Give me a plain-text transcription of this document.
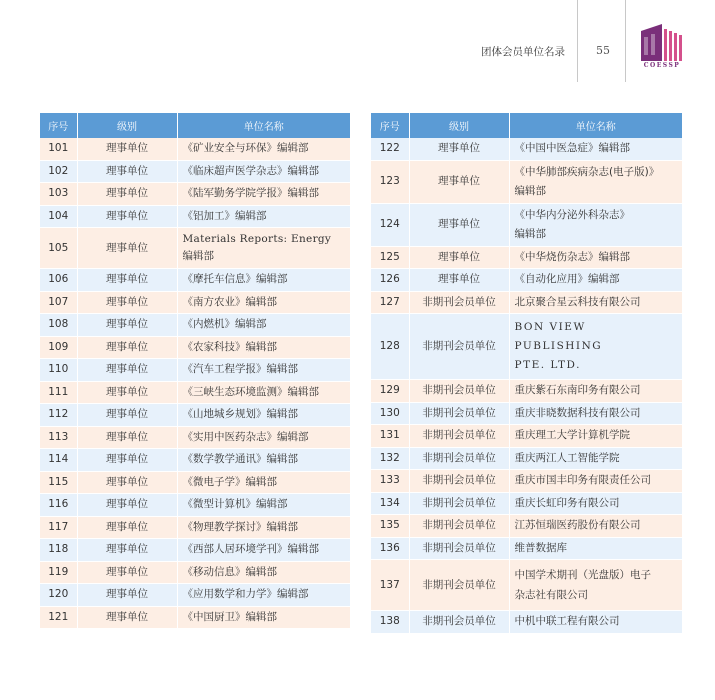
团体会员单位名录	55
COESSP
序号	级别	单位名称
101	理事单位	《矿业安全与环保》编辑部
102	理事单位	《临床超声医学杂志》编辑部
103	理事单位	《陆军勤务学院学报》编辑部
104	理事单位	《铝加工》编辑部
105	理事单位	Materials Reports: Energy
编辑部
106	理事单位	《摩托车信息》编辑部
107	理事单位	《南方农业》编辑部
108	理事单位	《内燃机》编辑部
109	理事单位	《农家科技》编辑部
110	理事单位	《汽车工程学报》编辑部
111	理事单位	《三峡生态环境监测》编辑部
112	理事单位	《山地城乡规划》编辑部
113	理事单位	《实用中医药杂志》编辑部
114	理事单位	《数学教学通讯》编辑部
115	理事单位	《微电子学》编辑部
116	理事单位	《微型计算机》编辑部
117	理事单位	《物理教学探讨》编辑部
118	理事单位	《西部人居环境学刊》编辑部
119	理事单位	《移动信息》编辑部
120	理事单位	《应用数学和力学》编辑部
121	理事单位	《中国厨卫》编辑部
序号	级别	单位名称
122	理事单位	《中国中医急症》编辑部
123	理事单位	《中华肺部疾病杂志(电子版)》
编辑部
124	理事单位	《中华内分泌外科杂志》
编辑部
125	理事单位	《中华烧伤杂志》编辑部
126	理事单位	《自动化应用》编辑部
127	非期刊会员单位	北京聚合星云科技有限公司
128	非期刊会员单位	BON VIEW PUBLISHING
PTE. LTD.
129	非期刊会员单位	重庆紫石东南印务有限公司
130	非期刊会员单位	重庆非晓数据科技有限公司
131	非期刊会员单位	重庆理工大学计算机学院
132	非期刊会员单位	重庆两江人工智能学院
133	非期刊会员单位	重庆市国丰印务有限责任公司
134	非期刊会员单位	重庆长虹印务有限公司
135	非期刊会员单位	江苏恒瑞医药股份有限公司
136	非期刊会员单位	维普数据库
137	非期刊会员单位	中国学术期刊（光盘版）电子
杂志社有限公司
138	非期刊会员单位	中机中联工程有限公司
